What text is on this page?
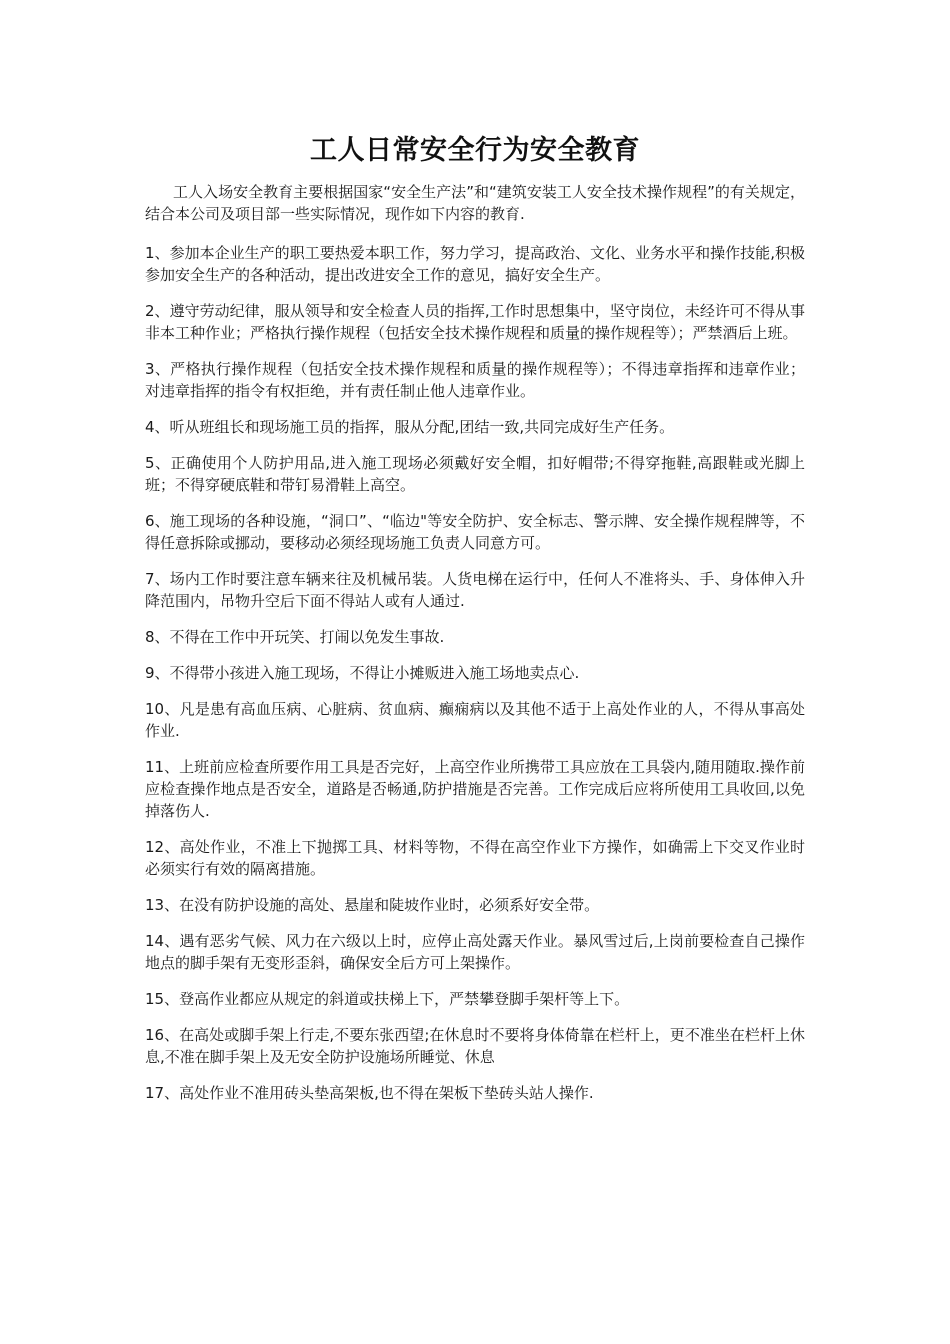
工人日常安全行为安全教育

工人入场安全教育主要根据国家“安全生产法”和“建筑安装工人安全技术操作规程”的有关规定，结合本公司及项目部一些实际情况，现作如下内容的教育.

1、参加本企业生产的职工要热爱本职工作，努力学习，提高政治、文化、业务水平和操作技能,积极参加安全生产的各种活动，提出改进安全工作的意见，搞好安全生产。

2、遵守劳动纪律，服从领导和安全检查人员的指挥,工作时思想集中，坚守岗位，未经许可不得从事非本工种作业；严格执行操作规程（包括安全技术操作规程和质量的操作规程等）；严禁酒后上班。

3、严格执行操作规程（包括安全技术操作规程和质量的操作规程等）；不得违章指挥和违章作业；对违章指挥的指令有权拒绝，并有责任制止他人违章作业。

4、听从班组长和现场施工员的指挥，服从分配,团结一致,共同完成好生产任务。

5、正确使用个人防护用品,进入施工现场必须戴好安全帽，扣好帽带;不得穿拖鞋,高跟鞋或光脚上班；不得穿硬底鞋和带钉易滑鞋上高空。

6、施工现场的各种设施，“洞口”、“临边"等安全防护、安全标志、警示牌、安全操作规程牌等，不得任意拆除或挪动，要移动必须经现场施工负责人同意方可。

7、场内工作时要注意车辆来往及机械吊装。人货电梯在运行中，任何人不准将头、手、身体伸入升降范围内，吊物升空后下面不得站人或有人通过.

8、不得在工作中开玩笑、打闹以免发生事故.

9、不得带小孩进入施工现场，不得让小摊贩进入施工场地卖点心.

10、凡是患有高血压病、心脏病、贫血病、癫痫病以及其他不适于上高处作业的人，不得从事高处作业.

11、上班前应检查所要作用工具是否完好，上高空作业所携带工具应放在工具袋内,随用随取.操作前应检查操作地点是否安全，道路是否畅通,防护措施是否完善。工作完成后应将所使用工具收回,以免掉落伤人.

12、高处作业，不准上下抛掷工具、材料等物，不得在高空作业下方操作，如确需上下交叉作业时必须实行有效的隔离措施。

13、在没有防护设施的高处、悬崖和陡坡作业时，必须系好安全带。

14、遇有恶劣气候、风力在六级以上时，应停止高处露天作业。暴风雪过后,上岗前要检查自己操作地点的脚手架有无变形歪斜，确保安全后方可上架操作。

15、登高作业都应从规定的斜道或扶梯上下，严禁攀登脚手架杆等上下。

16、在高处或脚手架上行走,不要东张西望;在休息时不要将身体倚靠在栏杆上，更不准坐在栏杆上休息,不准在脚手架上及无安全防护设施场所睡觉、休息

17、高处作业不准用砖头垫高架板,也不得在架板下垫砖头站人操作.
